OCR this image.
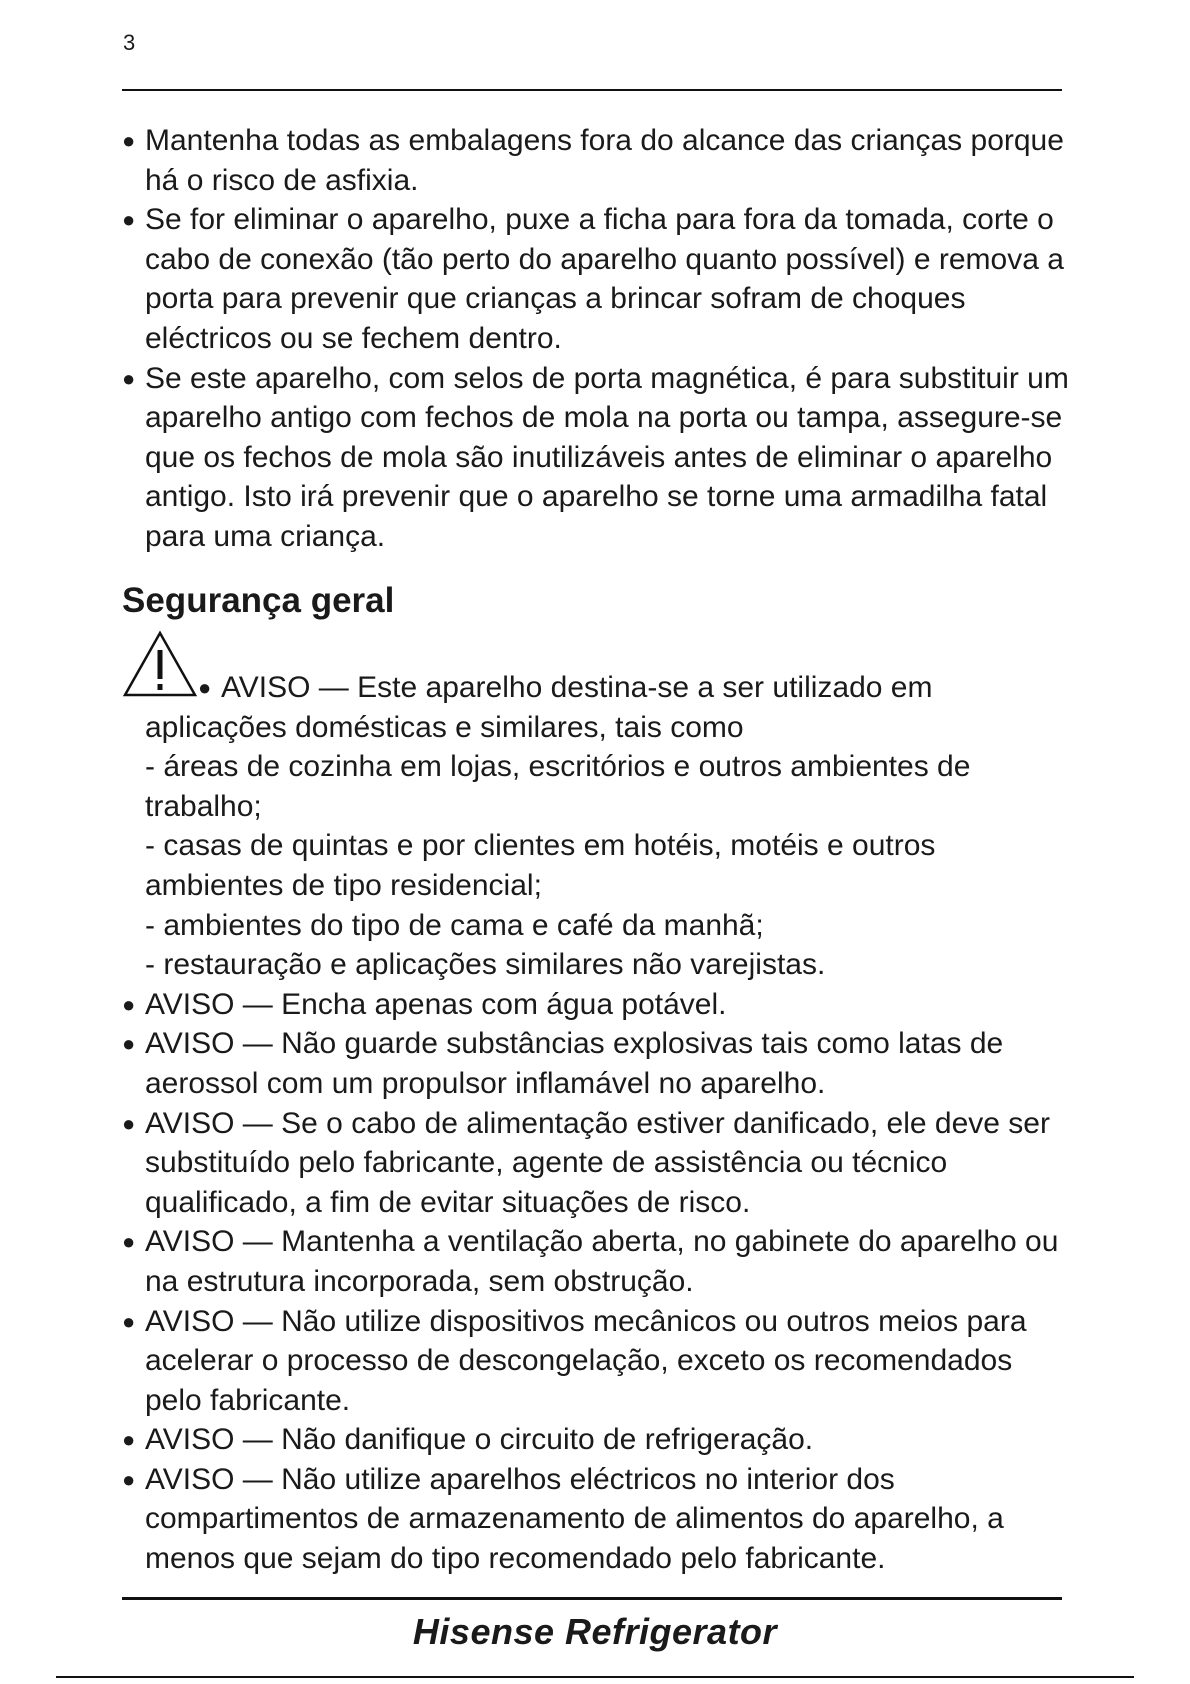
3
● Mantenha todas as embalagens fora do alcance das crianças porque há o risco de asfixia.
● Se for eliminar o aparelho, puxe a ficha para fora da tomada, corte o cabo de conexão (tão perto do aparelho quanto possível) e remova a porta para prevenir que crianças a brincar sofram de choques eléctricos ou se fechem dentro.
● Se este aparelho, com selos de porta magnética, é para substituir um aparelho antigo com fechos de mola na porta ou tampa, assegure-se que os fechos de mola são inutilizáveis antes de eliminar o aparelho antigo. Isto irá prevenir que o aparelho se torne uma armadilha fatal para uma criança.
Segurança geral
● AVISO — Este aparelho destina-se a ser utilizado em
aplicações domésticas e similares, tais como
- áreas de cozinha em lojas, escritórios e outros ambientes de
trabalho;
- casas de quintas e por clientes em hotéis, motéis e outros
ambientes de tipo residencial;
- ambientes do tipo de cama e café da manhã;
- restauração e aplicações similares não varejistas.
● AVISO — Encha apenas com água potável.
● AVISO — Não guarde substâncias explosivas tais como latas de aerossol com um propulsor inflamável no aparelho.
● AVISO — Se o cabo de alimentação estiver danificado, ele deve ser substituído pelo fabricante, agente de assistência ou técnico qualificado, a fim de evitar situações de risco.
● AVISO — Mantenha a ventilação aberta, no gabinete do aparelho ou na estrutura incorporada, sem obstrução.
● AVISO — Não utilize dispositivos mecânicos ou outros meios para acelerar o processo de descongelação, exceto os recomendados pelo fabricante.
● AVISO — Não danifique o circuito de refrigeração.
● AVISO — Não utilize aparelhos eléctricos no interior dos compartimentos de armazenamento de alimentos do aparelho, a menos que sejam do tipo recomendado pelo fabricante.
Hisense Refrigerator
